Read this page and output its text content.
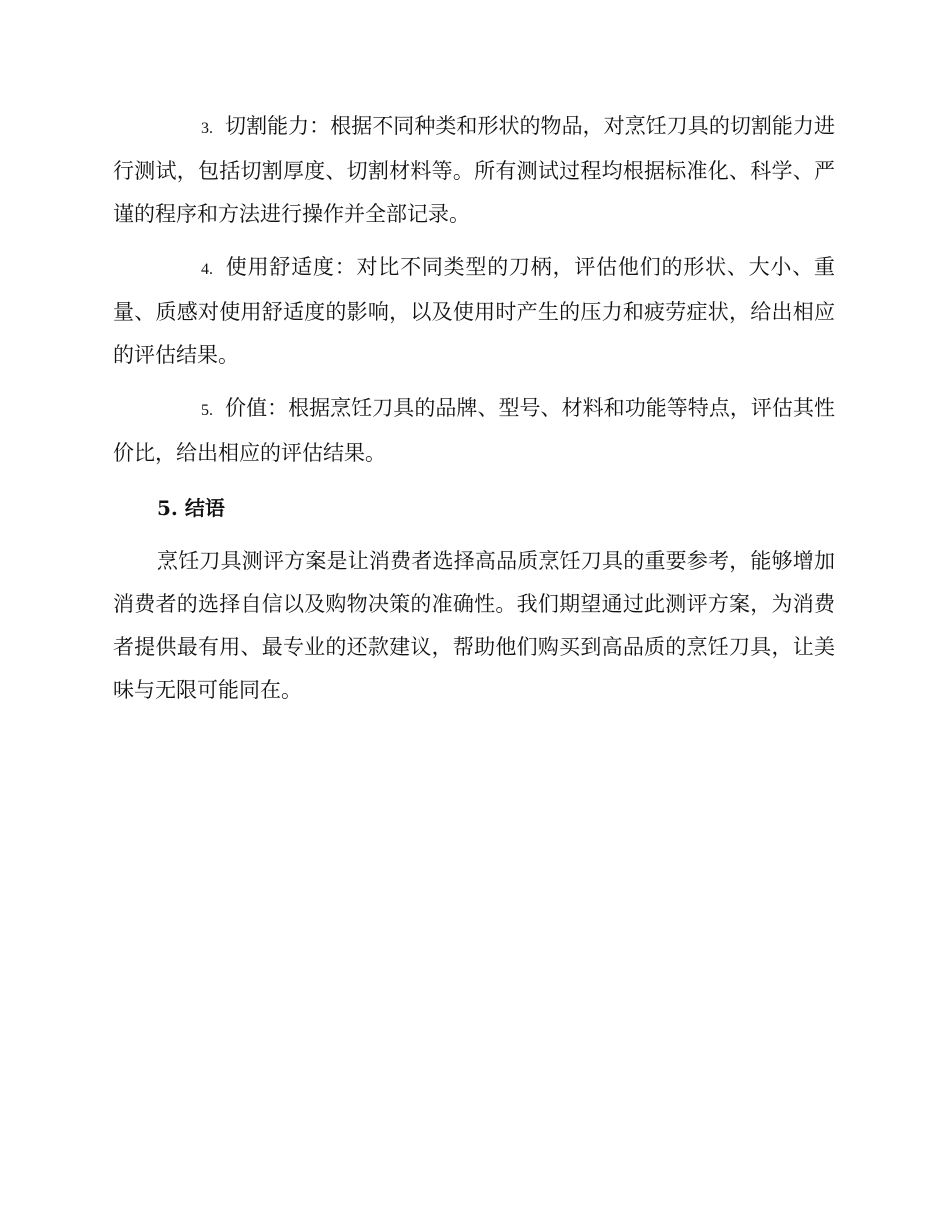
3. 切割能力：根据不同种类和形状的物品，对烹饪刀具的切割能力进行测试，包括切割厚度、切割材料等。所有测试过程均根据标准化、科学、严谨的程序和方法进行操作并全部记录。

4. 使用舒适度：对比不同类型的刀柄，评估他们的形状、大小、重量、质感对使用舒适度的影响，以及使用时产生的压力和疲劳症状，给出相应的评估结果。

5. 价值：根据烹饪刀具的品牌、型号、材料和功能等特点，评估其性价比，给出相应的评估结果。

5. 结语

烹饪刀具测评方案是让消费者选择高品质烹饪刀具的重要参考，能够增加消费者的选择自信以及购物决策的准确性。我们期望通过此测评方案，为消费者提供最有用、最专业的还款建议，帮助他们购买到高品质的烹饪刀具，让美味与无限可能同在。
